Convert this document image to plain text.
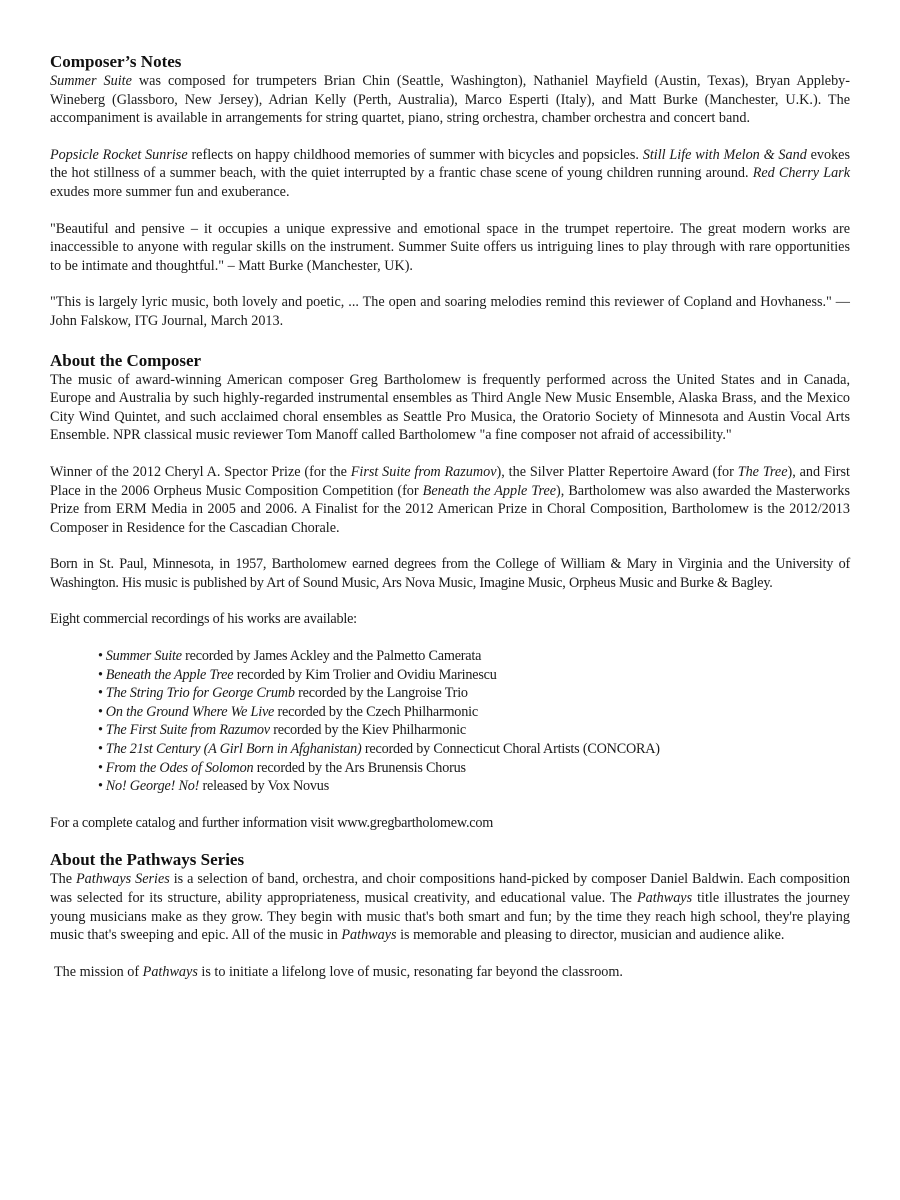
Composer’s Notes

Summer Suite was composed for trumpeters Brian Chin (Seattle, Washington), Nathaniel Mayfield (Austin, Texas), Bryan Appleby-Wineberg (Glassboro, New Jersey), Adrian Kelly (Perth, Australia), Marco Esperti (Italy), and Matt Burke (Manchester, U.K.). The accompaniment is available in arrangements for string quartet, piano, string orchestra, chamber orchestra and concert band.

Popsicle Rocket Sunrise reflects on happy childhood memories of summer with bicycles and popsicles. Still Life with Melon & Sand evokes the hot stillness of a summer beach, with the quiet interrupted by a frantic chase scene of young children running around. Red Cherry Lark exudes more summer fun and exuberance.

"Beautiful and pensive – it occupies a unique expressive and emotional space in the trumpet repertoire. The great modern works are inaccessible to anyone with regular skills on the instrument. Summer Suite offers us intriguing lines to play through with rare opportunities to be intimate and thoughtful." – Matt Burke (Manchester, UK).

"This is largely lyric music, both lovely and poetic, ... The open and soaring melodies remind this reviewer of Copland and Hovhaness." — John Falskow, ITG Journal, March 2013.

About the Composer

The music of award-winning American composer Greg Bartholomew is frequently performed across the United States and in Canada, Europe and Australia by such highly-regarded instrumental ensembles as Third Angle New Music Ensemble, Alaska Brass, and the Mexico City Wind Quintet, and such acclaimed choral ensembles as Seattle Pro Musica, the Oratorio Society of Minnesota and Austin Vocal Arts Ensemble. NPR classical music reviewer Tom Manoff called Bartholomew "a fine composer not afraid of accessibility."

Winner of the 2012 Cheryl A. Spector Prize (for the First Suite from Razumov), the Silver Platter Repertoire Award (for The Tree), and First Place in the 2006 Orpheus Music Composition Competition (for Beneath the Apple Tree), Bartholomew was also awarded the Masterworks Prize from ERM Media in 2005 and 2006. A Finalist for the 2012 American Prize in Choral Composition, Bartholomew is the 2012/2013 Composer in Residence for the Cascadian Chorale.

Born in St. Paul, Minnesota, in 1957, Bartholomew earned degrees from the College of William & Mary in Virginia and the University of Washington. His music is published by Art of Sound Music, Ars Nova Music, Imagine Music, Orpheus Music and Burke & Bagley.

Eight commercial recordings of his works are available:

• Summer Suite recorded by James Ackley and the Palmetto Camerata
• Beneath the Apple Tree recorded by Kim Trolier and Ovidiu Marinescu
• The String Trio for George Crumb recorded by the Langroise Trio
• On the Ground Where We Live recorded by the Czech Philharmonic
• The First Suite from Razumov recorded by the Kiev Philharmonic
• The 21st Century (A Girl Born in Afghanistan) recorded by Connecticut Choral Artists (CONCORA)
• From the Odes of Solomon recorded by the Ars Brunensis Chorus
• No! George! No! released by Vox Novus

For a complete catalog and further information visit www.gregbartholomew.com

About the Pathways Series

The Pathways Series is a selection of band, orchestra, and choir compositions hand-picked by composer Daniel Baldwin. Each composition was selected for its structure, ability appropriateness, musical creativity, and educational value. The Pathways title illustrates the journey young musicians make as they grow. They begin with music that's both smart and fun; by the time they reach high school, they're playing music that's sweeping and epic. All of the music in Pathways is memorable and pleasing to director, musician and audience alike.

The mission of Pathways is to initiate a lifelong love of music, resonating far beyond the classroom.
